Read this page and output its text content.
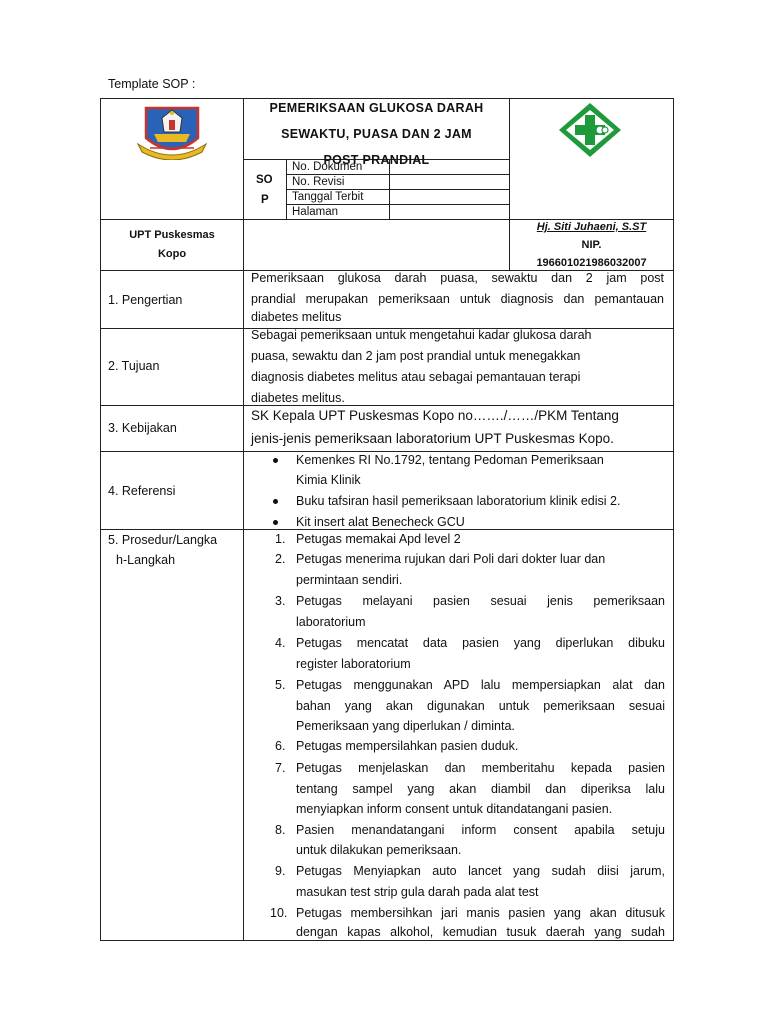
Template SOP :
PEMERIKSAAN GLUKOSA DARAH
SEWAKTU, PUASA DAN 2 JAM
POST PRANDIAL
SO
P
No. Dokumen
No. Revisi
Tanggal Terbit
Halaman
UPT Puskesmas
Kopo
Hj. Siti Juhaeni, S.ST
NIP.
196601021986032007
1. Pengertian
2. Tujuan
3. Kebijakan
4. Referensi
5. Prosedur/Langka
h-Langkah
Pemeriksaan glukosa darah puasa, sewaktu dan 2 jam post
prandial merupakan pemeriksaan untuk diagnosis dan pemantauan
diabetes melitus
Sebagai pemeriksaan untuk mengetahui kadar glukosa darah
puasa, sewaktu dan 2 jam post prandial untuk menegakkan
diagnosis diabetes melitus atau sebagai pemantauan terapi
diabetes melitus.
SK Kepala UPT Puskesmas Kopo no……./……/PKM Tentang
jenis-jenis pemeriksaan laboratorium UPT Puskesmas Kopo.
Kemenkes RI No.1792, tentang Pedoman Pemeriksaan
Kimia Klinik
Buku tafsiran hasil pemeriksaan laboratorium klinik edisi 2.
Kit insert alat Benecheck GCU
1. Petugas memakai Apd level 2
2. Petugas menerima rujukan dari Poli dari dokter luar dan
permintaan sendiri.
3. Petugas melayani pasien sesuai jenis pemeriksaan
laboratorium
4. Petugas mencatat data pasien yang diperlukan dibuku
register laboratorium
5. Petugas menggunakan APD lalu mempersiapkan alat dan
bahan yang akan digunakan untuk pemeriksaan sesuai
Pemeriksaan yang diperlukan / diminta.
6. Petugas mempersilahkan pasien duduk.
7. Petugas menjelaskan dan memberitahu kepada pasien
tentang sampel yang akan diambil dan diperiksa lalu
menyiapkan inform consent untuk ditandatangani pasien.
8. Pasien menandatangani inform consent apabila setuju
untuk dilakukan pemeriksaan.
9. Petugas Menyiapkan auto lancet yang sudah diisi jarum,
masukan test strip gula darah pada alat test
10. Petugas membersihkan jari manis pasien yang akan ditusuk
dengan kapas alkohol, kemudian tusuk daerah yang sudah
